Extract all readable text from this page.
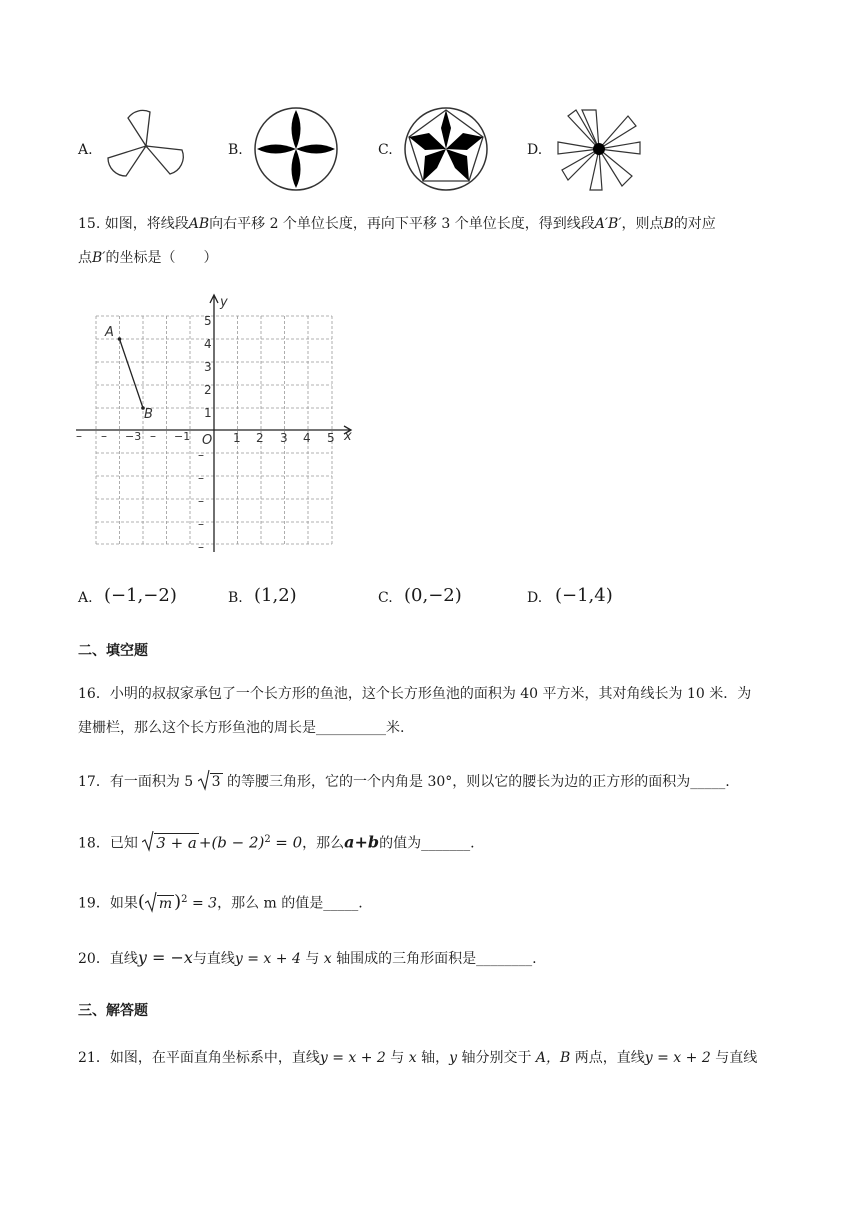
A.	B.	C.	D.
15. 如图，将线段AB向右平移 2 个单位长度，再向下平移 3 个单位长度，得到线段A′B′，则点B的对应
点B′的坐标是（　　）
y
x
O
5
4
3
2
1
1 2 3 4 5
– – −3 – −1
–
–
–
–
–
A
B
A. (−1,−2)	B. (1,2)	C. (0,−2)	D. (−1,4)
二、填空题
16．小明的叔叔家承包了一个长方形的鱼池，这个长方形鱼池的面积为 40 平方米，其对角线长为 10 米．为
建栅栏，那么这个长方形鱼池的周长是__________米.
17．有一面积为 5 3 的等腰三角形，它的一个内角是 30°，则以它的腰长为边的正方形的面积为_____.
18．已知 $3 + a +(b - 2)^2 = 0$，那么a+b的值为_______.
19．如果( m )$^2$ = 3，那么 m 的值是_____.
20．直线y = −x与直线y = x + 4 与 x 轴围成的三角形面积是________.
三、解答题
21．如图，在平面直角坐标系中，直线y = x + 2 与 x 轴，y 轴分别交于 A，B 两点，直线y = x + 2 与直线
